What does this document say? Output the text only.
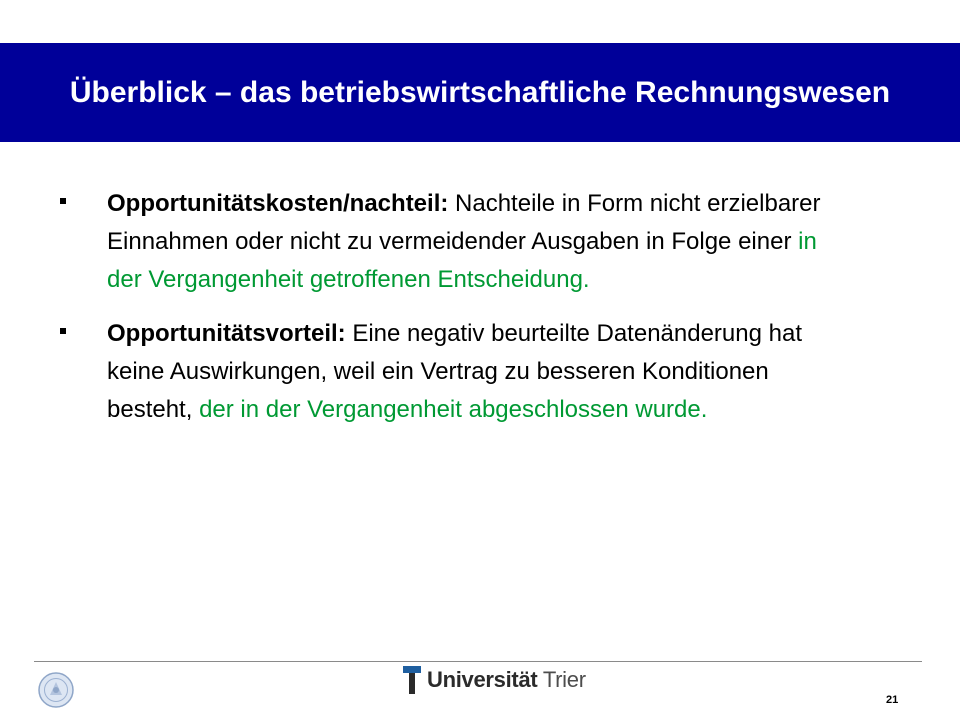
Überblick – das betriebswirtschaftliche Rechnungswesen
Opportunitätskosten/nachteil: Nachteile in Form nicht erzielbarer Einnahmen oder nicht zu vermeidender Ausgaben in Folge einer in der Vergangenheit getroffenen Entscheidung.
Opportunitätsvorteil: Eine negativ beurteilte Datenänderung hat keine Auswirkungen, weil ein Vertrag zu besseren Konditionen besteht, der in der Vergangenheit abgeschlossen wurde.
Universität Trier
21
